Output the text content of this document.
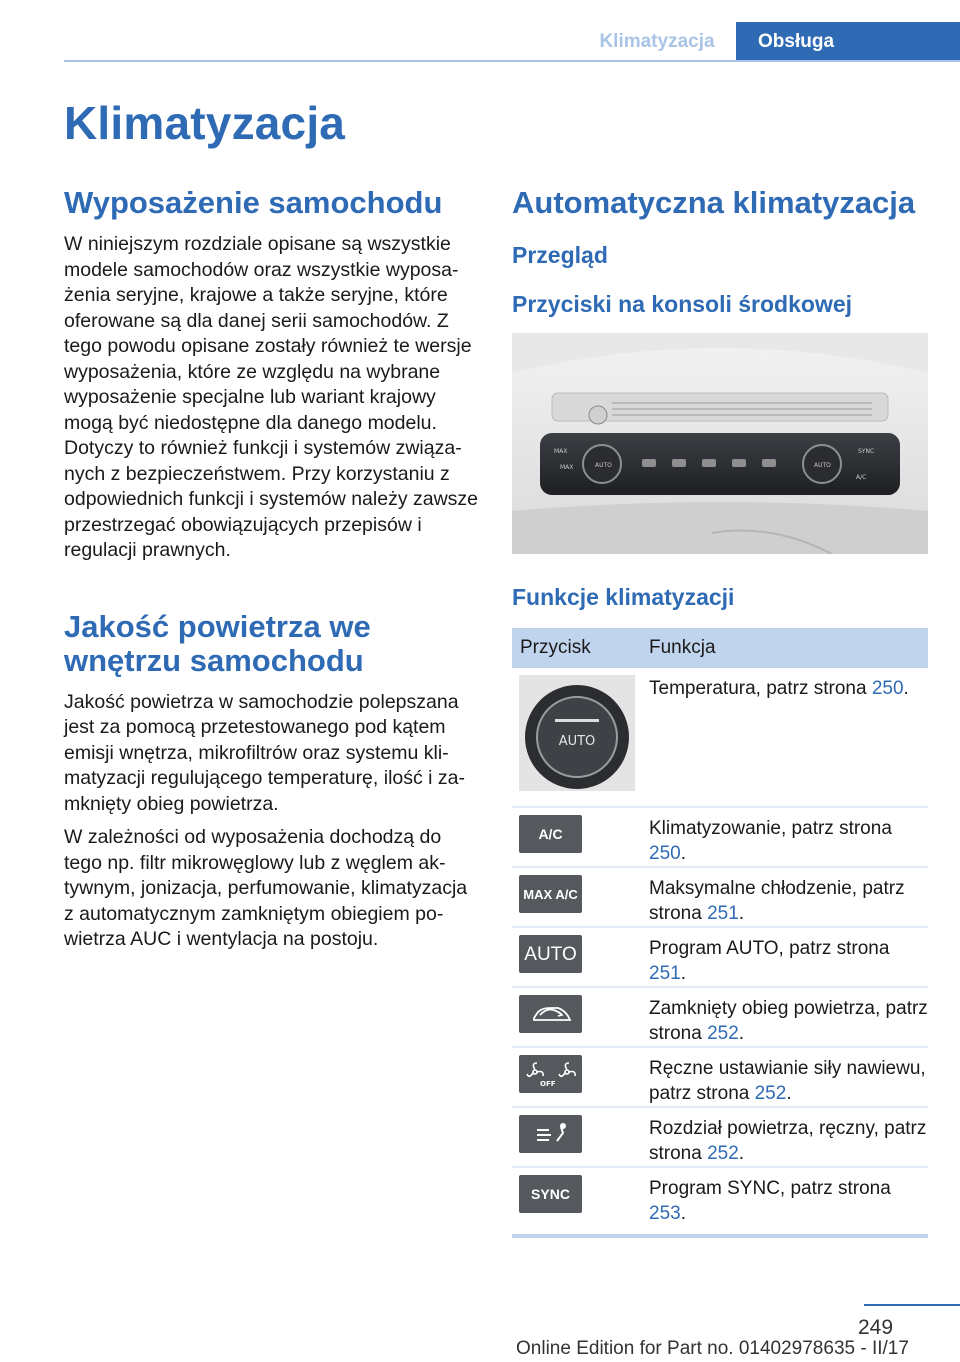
Klimatyzacja	Obsługa
Klimatyzacja
Wyposażenie samochodu

W niniejszym rozdziale opisane są wszystkie modele samochodów oraz wszystkie wyposażenia seryjne, krajowe a także seryjne, które oferowane są dla danej serii samochodów. Z tego powodu opisane zostały również te wersje wyposażenia, które ze względu na wybrane wyposażenie specjalne lub wariant krajowy mogą być niedostępne dla danego modelu. Dotyczy to również funkcji i systemów związanych z bezpieczeństwem. Przy korzystaniu z odpowiednich funkcji i systemów należy zawsze przestrzegać obowiązujących przepisów i regulacji prawnych.

Jakość powietrza we wnętrzu samochodu

Jakość powietrza w samochodzie polepszana jest za pomocą przetestowanego pod kątem emisji wnętrza, mikrofiltrów oraz systemu klimatyzacji regulującego temperaturę, ilość i zamknięty obieg powietrza.

W zależności od wyposażenia dochodzą do tego np. filtr mikrowęglowy lub z węglem aktywnym, jonizacja, perfumowanie, klimatyzacja z automatycznym zamkniętym obiegiem powietrza AUC i wentylacja na postoju.

Automatyczna klimatyzacja
Przegląd
Przyciski na konsoli środkowej
MAX
MAX	AUTO	AUTO
SYNC
A/C
Funkcje klimatyzacji
Przycisk	Funkcja

AUTO	Temperatura, patrz strona 250.

A/C	Klimatyzowanie, patrz strona 250.

MAX A/C	Maksymalne chłodzenie, patrz strona 251.

AUTO	Program AUTO, patrz strona 251.

	Zamknięty obieg powietrza, patrz strona 252.

OFF	Ręczne ustawianie siły nawiewu, patrz strona 252.

	Rozdział powietrza, ręczny, patrz strona 252.

SYNC	Program SYNC, patrz strona 253.
249
Online Edition for Part no. 01402978635 - II/17
